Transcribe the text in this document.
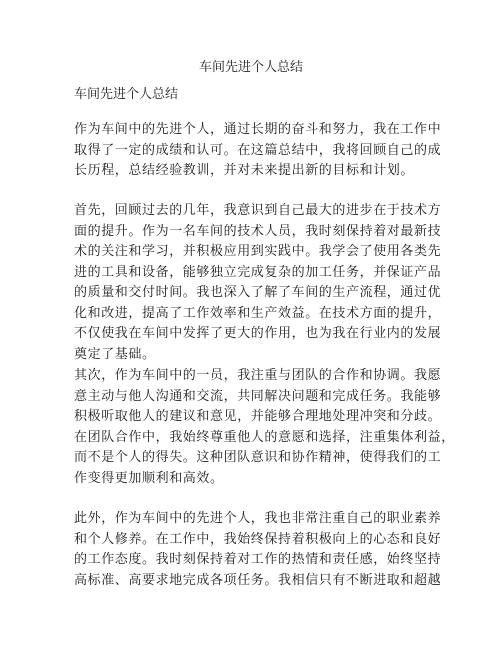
车间先进个人总结
车间先进个人总结
作为车间中的先进个人，通过长期的奋斗和努力，我在工作中
取得了一定的成绩和认可。在这篇总结中，我将回顾自己的成
长历程，总结经验教训，并对未来提出新的目标和计划。
首先，回顾过去的几年，我意识到自己最大的进步在于技术方
面的提升。作为一名车间的技术人员，我时刻保持着对最新技
术的关注和学习，并积极应用到实践中。我学会了使用各类先
进的工具和设备，能够独立完成复杂的加工任务，并保证产品
的质量和交付时间。我也深入了解了车间的生产流程，通过优
化和改进，提高了工作效率和生产效益。在技术方面的提升，
不仅使我在车间中发挥了更大的作用，也为我在行业内的发展
奠定了基础。
其次，作为车间中的一员，我注重与团队的合作和协调。我愿
意主动与他人沟通和交流，共同解决问题和完成任务。我能够
积极听取他人的建议和意见，并能够合理地处理冲突和分歧。
在团队合作中，我始终尊重他人的意愿和选择，注重集体利益，
而不是个人的得失。这种团队意识和协作精神，使得我们的工
作变得更加顺利和高效。
此外，作为车间中的先进个人，我也非常注重自己的职业素养
和个人修养。在工作中，我始终保持着积极向上的心态和良好
的工作态度。我时刻保持着对工作的热情和责任感，始终坚持
高标准、高要求地完成各项任务。我相信只有不断进取和超越
